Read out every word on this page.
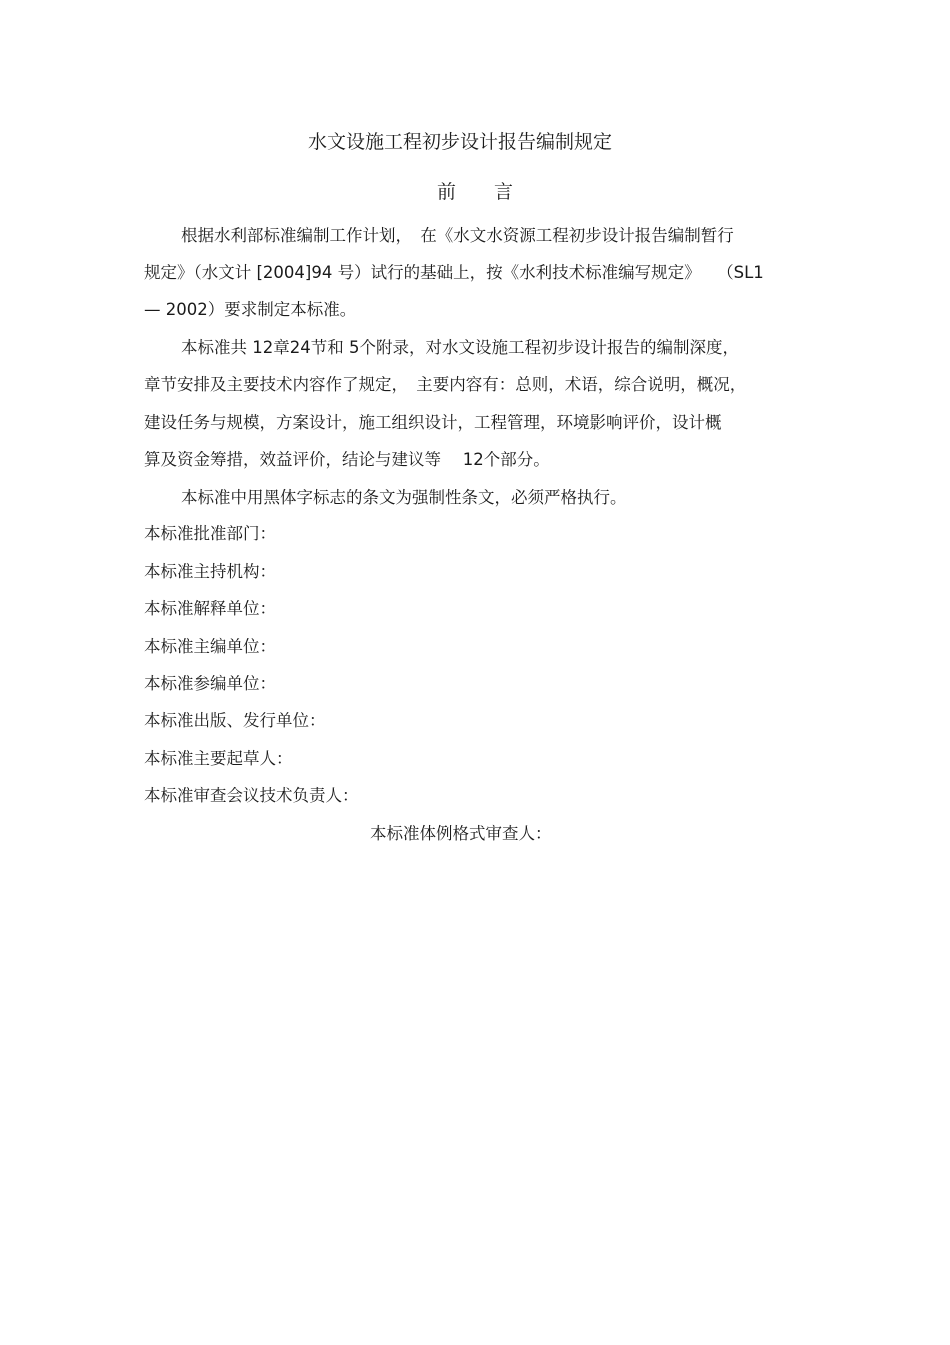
水文设施工程初步设计报告编制规定
前 言
根据水利部标准编制工作计划，　在《水文水资源工程初步设计报告编制暂行
规定》（水文计 [2004]94 号）试行的基础上，按《水利技术标准编写规定》　　（SL1
— 2002）要求制定本标准。
本标准共 12章24节和 5个附录，对水文设施工程初步设计报告的编制深度，
章节安排及主要技术内容作了规定，　主要内容有：总则，术语，综合说明，概况，
建设任务与规模，方案设计，施工组织设计，工程管理，环境影响评价，设计概
算及资金筹措，效益评价，结论与建议等　 12个部分。
本标准中用黑体字标志的条文为强制性条文，必须严格执行。
本标准批准部门：
本标准主持机构：
本标准解释单位：
本标准主编单位：
本标准参编单位：
本标准出版、发行单位：
本标准主要起草人：
本标准审查会议技术负责人：
本标准体例格式审查人：
